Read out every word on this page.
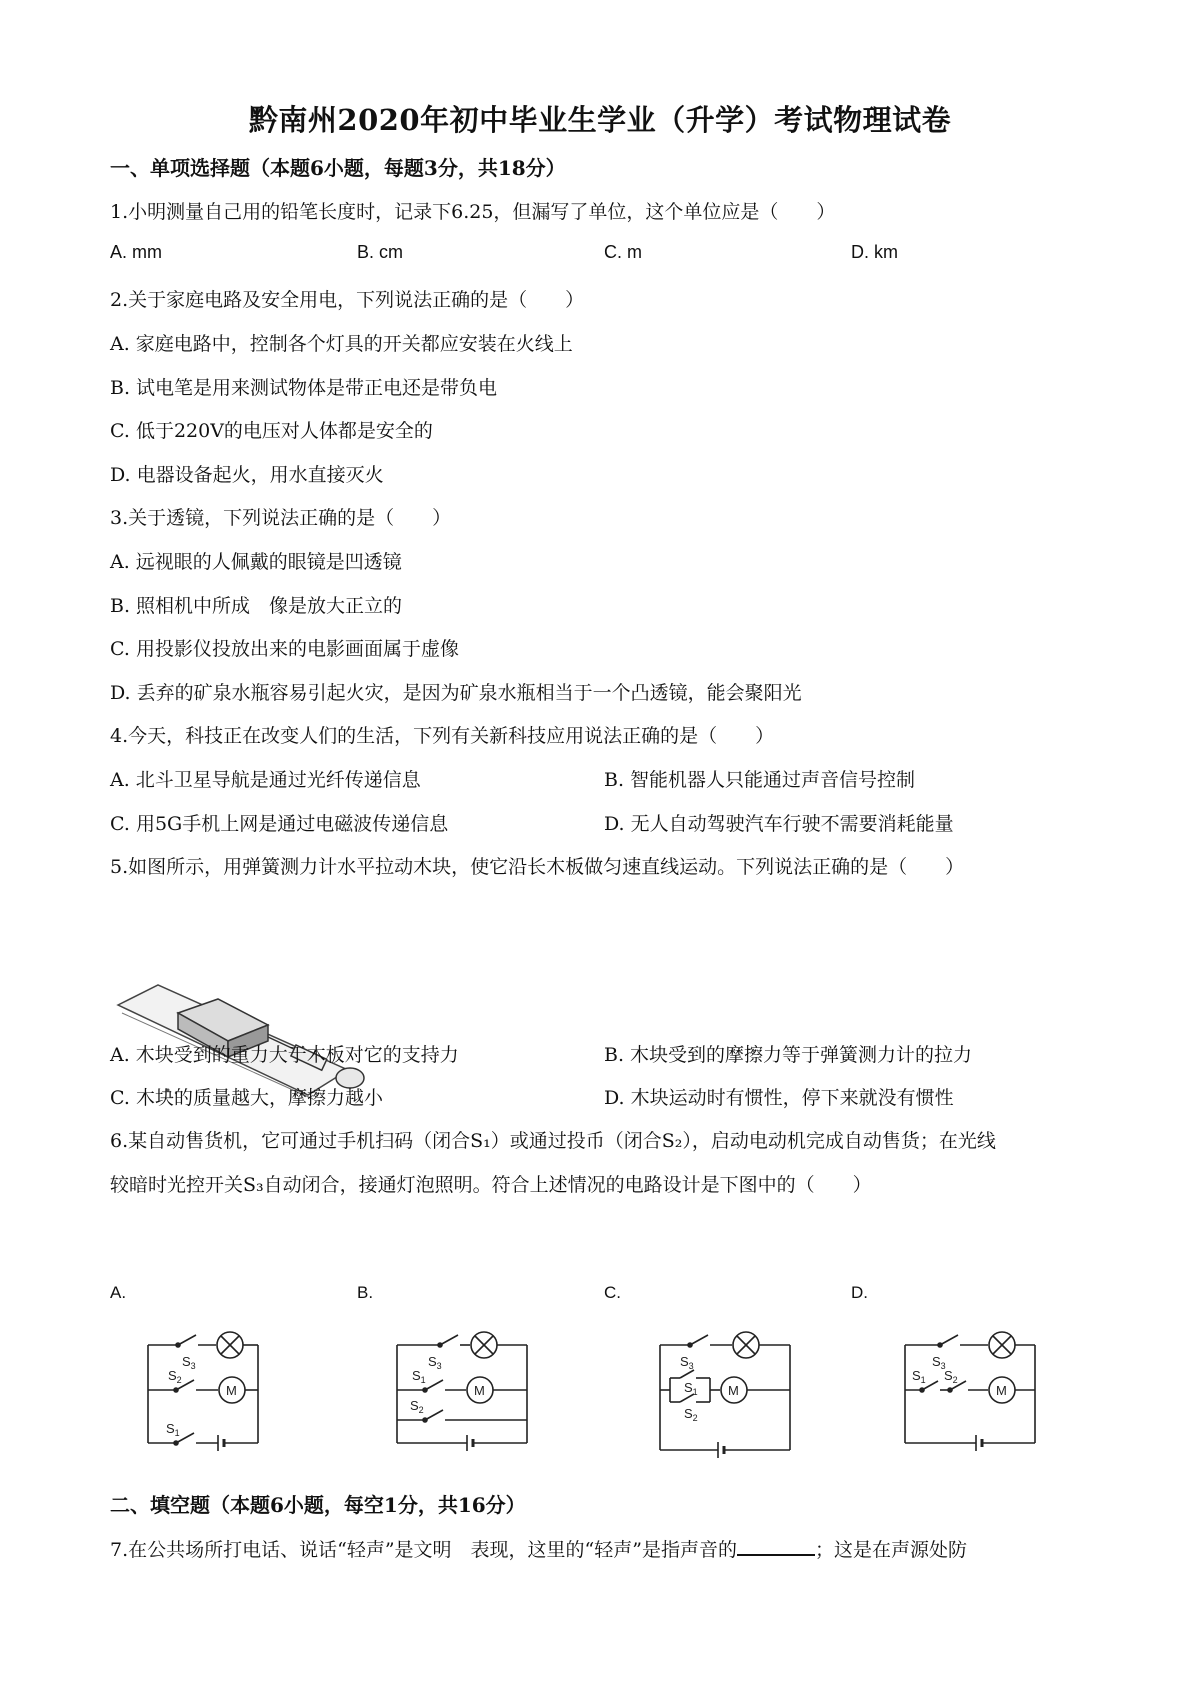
黔南州2020年初中毕业生学业（升学）考试物理试卷
一、单项选择题（本题6小题，每题3分，共18分）
1.小明测量自己用的铅笔长度时，记录下6.25，但漏写了单位，这个单位应是（　　）
A. mm	B. cm	C. m	D. km
2.关于家庭电路及安全用电，下列说法正确的是（　　）
A. 家庭电路中，控制各个灯具的开关都应安装在火线上
B. 试电笔是用来测试物体是带正电还是带负电
C. 低于220V的电压对人体都是安全的
D. 电器设备起火，用水直接灭火
3.关于透镜，下列说法正确的是（　　）
A. 远视眼的人佩戴的眼镜是凹透镜
B. 照相机中所成　像是放大正立的
C. 用投影仪投放出来的电影画面属于虚像
D. 丢弃的矿泉水瓶容易引起火灾，是因为矿泉水瓶相当于一个凸透镜，能会聚阳光
4.今天，科技正在改变人们的生活，下列有关新科技应用说法正确的是（　　）
A. 北斗卫星导航是通过光纤传递信息	B. 智能机器人只能通过声音信号控制
C. 用5G手机上网是通过电磁波传递信息	D. 无人自动驾驶汽车行驶不需要消耗能量
5.如图所示，用弹簧测力计水平拉动木块，使它沿长木板做匀速直线运动。下列说法正确的是（　　）
A. 木块受到的重力大于木板对它的支持力	B. 木块受到的摩擦力等于弹簧测力计的拉力
C. 木块的质量越大，摩擦力越小	D. 木块运动时有惯性，停下来就没有惯性
6.某自动售货机，它可通过手机扫码（闭合S₁）或通过投币（闭合S₂），启动电动机完成自动售货；在光线
较暗时光控开关S₃自动闭合，接通灯泡照明。符合上述情况的电路设计是下图中的（　　）
A.	B.	C.	D.
$S_3$
M
$S_2$
$S_1$
$S_3$
M
$S_1$
$S_2$
$S_3$
$S_1$
$S_2$
M
$S_3$
M
$S_1$ $S_2$
二、填空题（本题6小题，每空1分，共16分）
7.在公共场所打电话、说话“轻声”是文明　表现，这里的“轻声”是指声音的	；这是在声源处防
